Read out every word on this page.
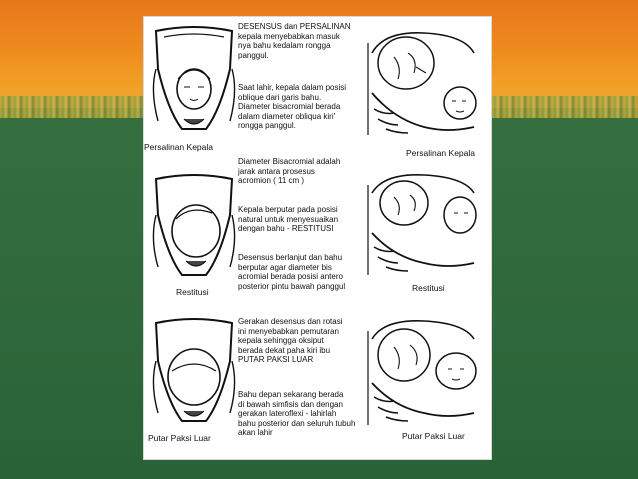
Persalinan Kepala
Restitusi
Putar Paksi Luar
DESENSUS dan PERSALINAN
kepala menyebabkan masuk
nya bahu kedalam rongga
panggul.
Saat lahir, kepala dalam posisi
oblique dari garis bahu.
Diameter bisacromial berada
dalam diameter obliqua kiri'
rongga panggul.
Diameter Bisacromial adalah
jarak antara prosesus
acromion ( 11 cm )
Kepala berputar pada posisi
natural untuk menyesuaikan
dengan bahu - RESTITUSI
Desensus berlanjut dan bahu
berputar agar diameter bis
acromial berada posisi antero
posterior pintu bawah panggul
Gerakan desensus dan rotasi
ini menyebabkan pemutaran
kepala sehingga oksiput
berada dekat paha kiri ibu
PUTAR PAKSI LUAR
Bahu depan sekarang berada
di bawah simfisis dan dengan
gerakan lateroflexi - lahirlah
bahu posterior dan seluruh tubuh
akan lahir
Persalinan Kepala
Restitusi
Putar Paksi Luar
